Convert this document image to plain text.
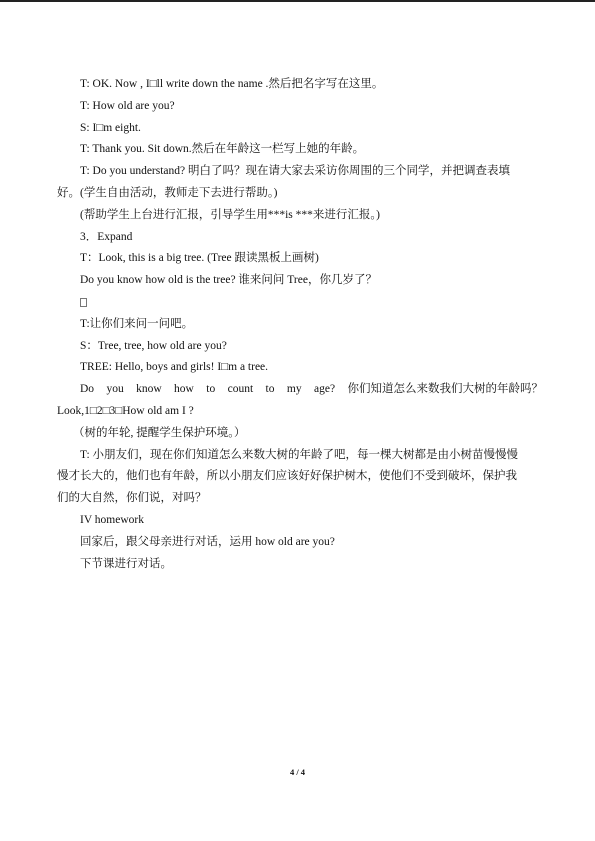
T: OK. Now , I□ll write down the name .然后把名字写在这里。

T: How old are you?

S: I□m eight.

T: Thank you. Sit down.然后在年龄这一栏写上她的年龄。

T: Do you understand? 明白了吗？现在请大家去采访你周围的三个同学，并把调查表填

好。(学生自由活动，教师走下去进行帮助。)

(帮助学生上台进行汇报，引导学生用***is ***来进行汇报。)

3．Expand

T：Look, this is a big tree. (Tree 跟读黑板上画树)

Do you know how old is the tree? 谁来问问 Tree，你几岁了？

T:让你们来问一问吧。

S：Tree, tree, how old are you?

TREE: Hello, boys and girls! I□m a tree.

Do you know how to count to my age? 你们知道怎么来数我们大树的年龄吗？

Look,1□2□3□How old am I ?

（树的年轮, 提醒学生保护环境。）

T: 小朋友们，现在你们知道怎么来数大树的年龄了吧，每一棵大树都是由小树苗慢慢慢

慢才长大的，他们也有年龄，所以小朋友们应该好好保护树木，使他们不受到破坏，保护我

们的大自然，你们说，对吗？

IV homework

回家后，跟父母亲进行对话，运用 how old are you?

下节课进行对话。

4 / 4
